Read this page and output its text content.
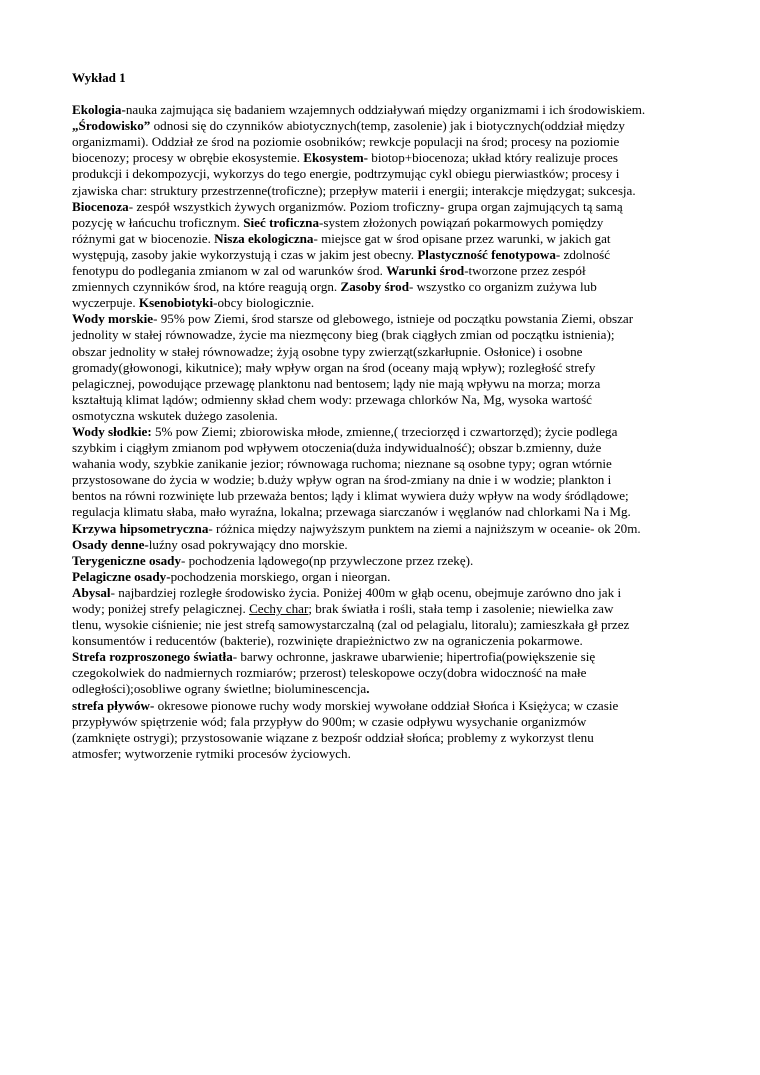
Wykład 1
Ekologia-nauka zajmująca się badaniem wzajemnych oddziaływań między organizmami i ich środowiskiem.
„Środowisko” odnosi się do czynników abiotycznych(temp, zasolenie) jak i biotycznych(oddział między
organizmami). Oddział ze środ na poziomie osobników; rewkcje populacji na środ; procesy na poziomie
biocenozy; procesy w obrębie ekosystemie. Ekosystem- biotop+biocenoza; układ który realizuje proces
produkcji i dekompozycji, wykorzys do tego energie, podtrzymując cykl obiegu pierwiastków; procesy i
zjawiska char: struktury przestrzenne(troficzne); przepływ materii i energii; interakcje międzygat; sukcesja.
Biocenoza- zespół wszystkich żywych organizmów. Poziom troficzny- grupa organ zajmujących tą samą
pozycję w łańcuchu troficznym. Sieć troficzna-system złożonych powiązań pokarmowych pomiędzy
różnymi gat w biocenozie. Nisza ekologiczna- miejsce gat w środ opisane przez warunki, w jakich gat
występują, zasoby jakie wykorzystują i czas w jakim jest obecny. Plastyczność fenotypowa- zdolność
fenotypu do podlegania zmianom w zal od warunków środ. Warunki środ-tworzone przez zespół
zmiennych czynników środ, na które reagują orgn. Zasoby środ- wszystko co organizm zużywa lub
wyczerpuje. Ksenobiotyki-obcy biologicznie.
Wody morskie- 95% pow Ziemi, środ starsze od glebowego, istnieje od początku powstania Ziemi, obszar
jednolity w stałej równowadze, życie ma niezmęcony bieg (brak ciągłych zmian od początku istnienia);
obszar jednolity w stałej równowadze; żyją osobne typy zwierząt(szkarłupnie. Osłonice) i osobne
gromady(głowonogi, kikutnice); mały wpływ organ na środ (oceany mają wpływ); rozległość strefy
pelagicznej, powodujące przewagę planktonu nad bentosem; lądy nie mają wpływu na morza; morza
kształtują klimat lądów; odmienny skład chem wody: przewaga chlorków Na, Mg, wysoka wartość
osmotyczna wskutek dużego zasolenia.
Wody słodkie: 5% pow Ziemi; zbiorowiska młode, zmienne,( trzeciorzęd i czwartorzęd); życie podlega
szybkim i ciągłym zmianom pod wpływem otoczenia(duża indywidualność); obszar b.zmienny, duże
wahania wody, szybkie zanikanie jezior; równowaga ruchoma; nieznane są osobne typy; ogran wtórnie
przystosowane do życia w wodzie; b.duży wpływ ogran na środ-zmiany na dnie i w wodzie; plankton i
bentos na równi rozwinięte lub przeważa bentos; lądy i klimat wywiera duży wpływ na wody śródlądowe;
regulacja klimatu słaba, mało wyraźna, lokalna; przewaga siarczanów i węglanów nad chlorkami Na i Mg.
Krzywa hipsometryczna- różnica między najwyższym punktem na ziemi a najniższym w oceanie- ok 20m.
Osady denne-luźny osad pokrywający dno morskie.
Terygeniczne osady- pochodzenia lądowego(np przywleczone przez rzekę).
Pelagiczne osady-pochodzenia morskiego, organ i nieorgan.
Abysal- najbardziej rozległe środowisko życia. Poniżej 400m w głąb ocenu, obejmuje zarówno dno jak i
wody; poniżej strefy pelagicznej. Cechy char; brak światła i rośli, stała temp i zasolenie; niewielka zaw
tlenu, wysokie ciśnienie; nie jest strefą samowystarczalną (zal od pelagialu, litoralu); zamieszkała gł przez
konsumentów i reducentów (bakterie), rozwinięte drapieżnictwo zw na ograniczenia pokarmowe.
Strefa rozproszonego światła- barwy ochronne, jaskrawe ubarwienie; hipertrofia(powiększenie się
czegokolwiek do nadmiernych rozmiarów; przerost) teleskopowe oczy(dobra widoczność na małe
odległości);osobliwe ograny świetlne; bioluminescencja.
strefa pływów- okresowe pionowe ruchy wody morskiej wywołane oddział Słońca i Księżyca; w czasie
przypływów spiętrzenie wód; fala przypływ do 900m; w czasie odpływu wysychanie organizmów
(zamknięte ostrygi); przystosowanie wiązane z bezpośr oddział słońca; problemy z wykorzyst tlenu
atmosfer; wytworzenie rytmiki procesów życiowych.
